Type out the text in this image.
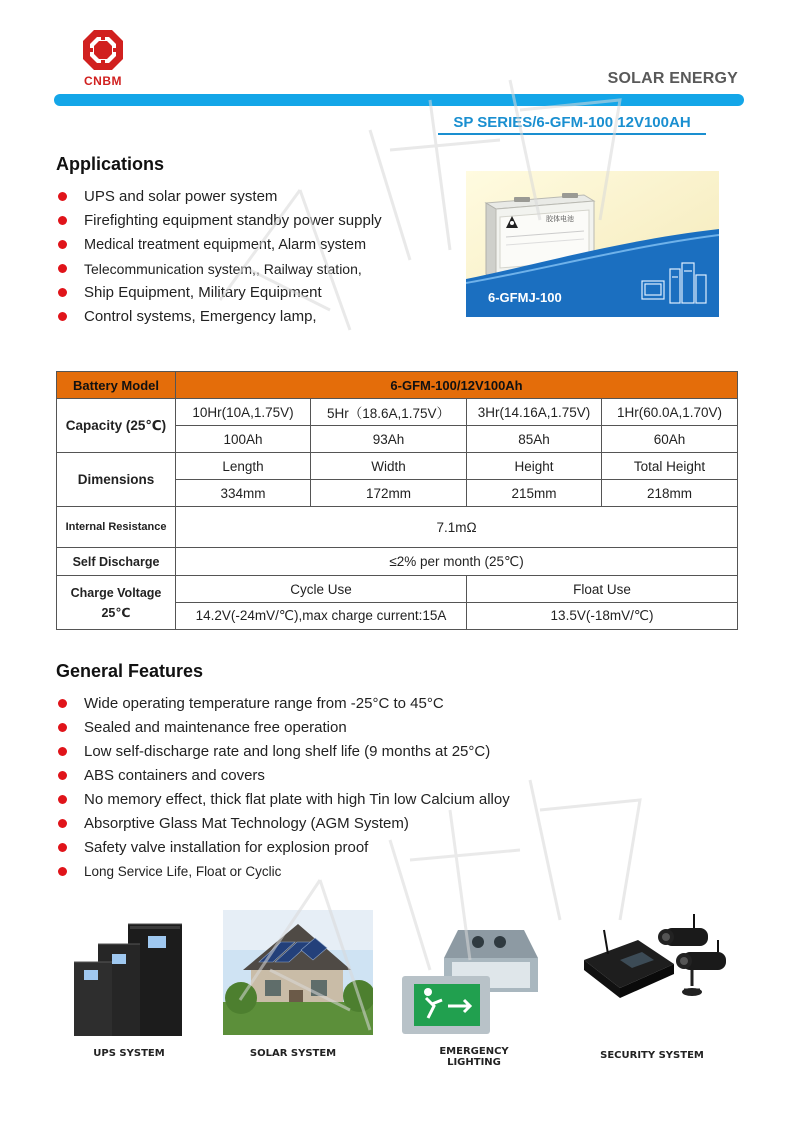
CNBM	SOLAR ENERGY
SP SERIES/6-GFM-100 12V100AH
Applications
UPS and solar power system
Firefighting equipment standby power supply
Medical treatment equipment, Alarm system
Telecommunication system,, Railway station,
Ship Equipment, Military Equipment
Control systems, Emergency lamp,
胶体电池
6-GFMJ-100
Battery Model	6-GFM-100/12V100Ah			
Capacity (25℃)	10Hr(10A,1.75V)	5Hr（18.6A,1.75V）	3Hr(14.16A,1.75V)	1Hr(60.0A,1.70V)
	100Ah	93Ah	85Ah	60Ah
Dimensions	Length	Width	Height	Total Height
	334mm	172mm	215mm	218mm
Internal Resistance	7.1mΩ			
Self Discharge	≤2% per month (25℃)			

Charge Voltage
25℃	Cycle Use		Float Use	
	14.2V(-24mV/℃),max charge current:15A		13.5V(-18mV/℃)	
General Features
Wide operating temperature range from -25°C to 45°C
Sealed and maintenance free operation
Low self-discharge rate and long shelf life (9 months at 25°C)
ABS containers and covers
No memory effect, thick flat plate with high Tin low Calcium alloy
Absorptive Glass Mat Technology (AGM System)
Safety valve installation for explosion proof
Long Service Life, Float or Cyclic
UPS SYSTEM	SOLAR SYSTEM	EMERGENCY LIGHTING
SECURITY SYSTEM
